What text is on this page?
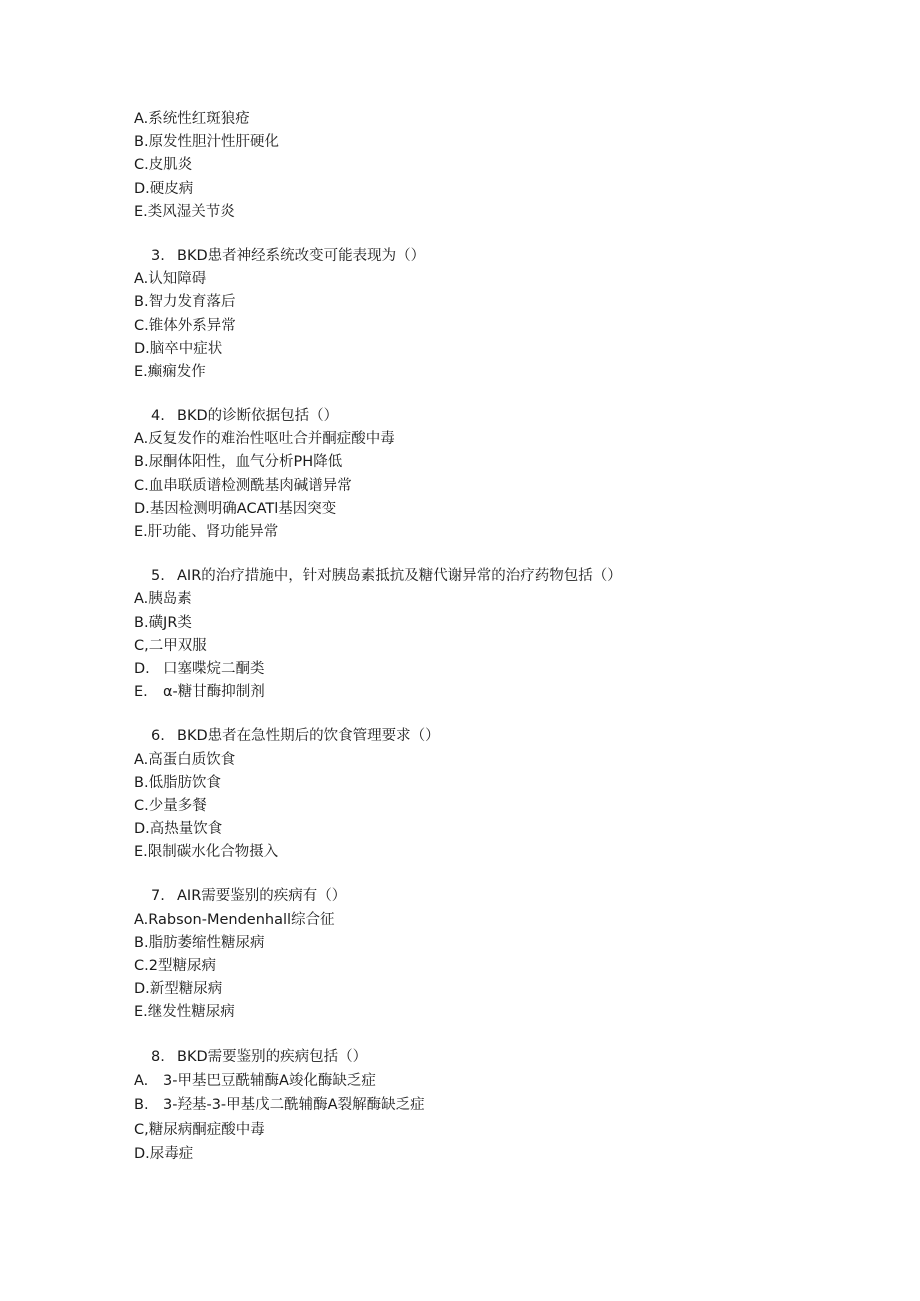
A.系统性红斑狼疮
B.原发性胆汁性肝硬化
C.皮肌炎
D.硬皮病
E.类风湿关节炎
3. BKD患者神经系统改变可能表现为（）
A.认知障碍
B.智力发育落后
C.锥体外系异常
D.脑卒中症状
E.癫痫发作
4. BKD的诊断依据包括（）
A.反复发作的难治性呕吐合并酮症酸中毒
B.尿酮体阳性，血气分析PH降低
C.血串联质谱检测酰基肉碱谱异常
D.基因检测明确ACATl基因突变
E.肝功能、肾功能异常
5. AIR的治疗措施中，针对胰岛素抵抗及糖代谢异常的治疗药物包括（）
A.胰岛素
B.磺JR类
C,二甲双服
D. 口塞喋烷二酮类
E. α-糖甘酶抑制剂
6. BKD患者在急性期后的饮食管理要求（）
A.高蛋白质饮食
B.低脂肪饮食
C.少量多餐
D.高热量饮食
E.限制碳水化合物摄入
7. AIR需要鉴别的疾病有（）
A.Rabson-Mendenhall综合征
B.脂肪萎缩性糖尿病
C.2型糖尿病
D.新型糖尿病
E.继发性糖尿病
8. BKD需要鉴别的疾病包括（）
A. 3-甲基巴豆酰辅酶A竣化酶缺乏症
B. 3-羟基-3-甲基戊二酰辅酶A裂解酶缺乏症
C,糖尿病酮症酸中毒
D.尿毒症
